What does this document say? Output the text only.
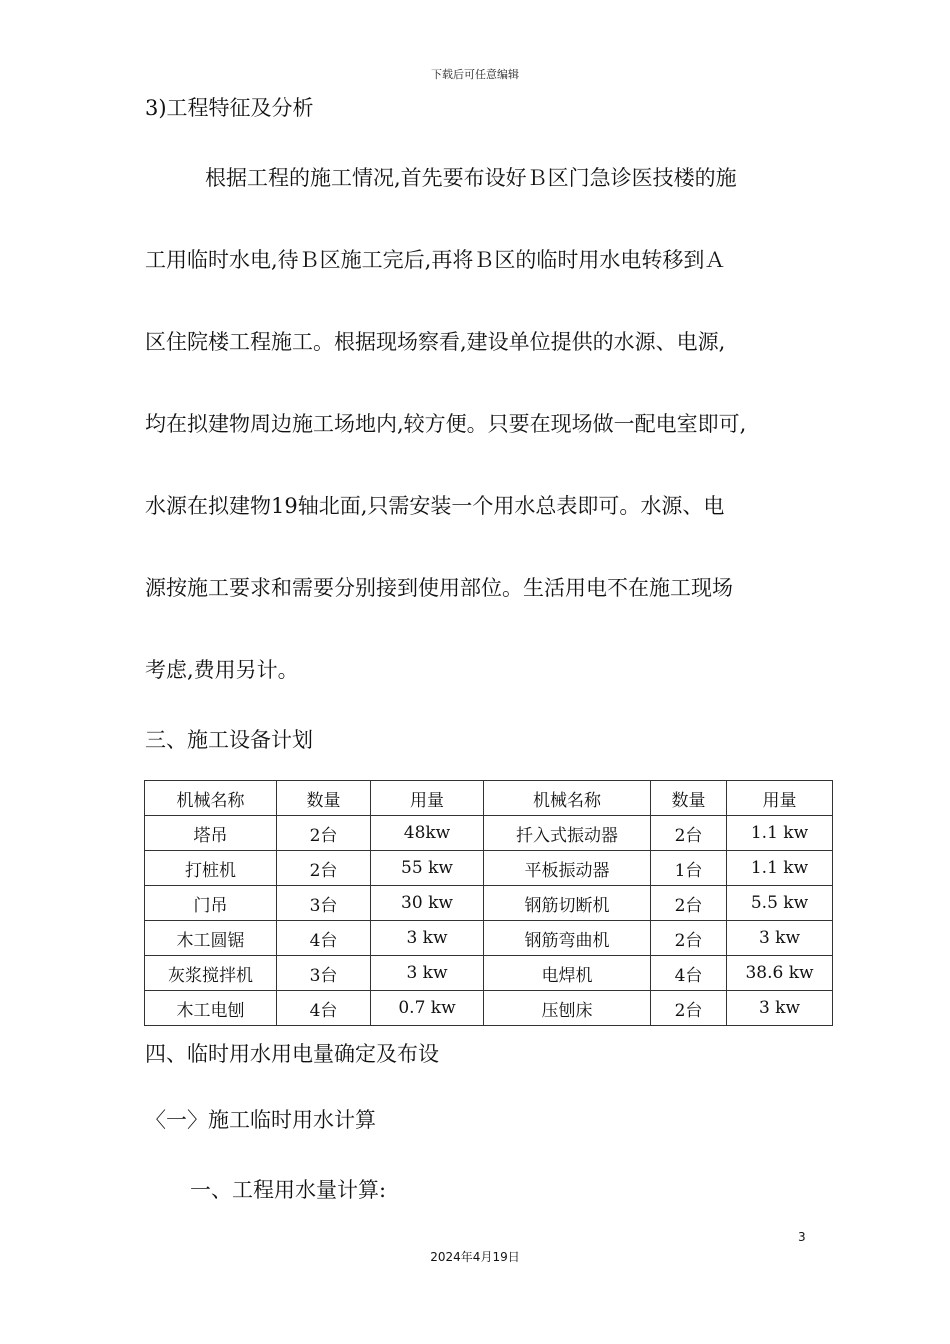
下载后可任意编辑
3)工程特征及分析
根据工程的施工情况,首先要布设好Ｂ区门急诊医技楼的施
工用临时水电,待Ｂ区施工完后,再将Ｂ区的临时用水电转移到Ａ
区住院楼工程施工。根据现场察看,建设单位提供的水源、电源,
均在拟建物周边施工场地内,较方便。只要在现场做一配电室即可,
水源在拟建物19轴北面,只需安装一个用水总表即可。水源、电
源按施工要求和需要分别接到使用部位。生活用电不在施工现场
考虑,费用另计。
三、施工设备计划
机械名称	数量	用量	机械名称	数量	用量
塔吊	2台	48kw	扦入式振动器	2台	1.1 kw
打桩机	2台	55 kw	平板振动器	1台	1.1 kw
门吊	3台	30 kw	钢筋切断机	2台	5.5 kw
木工圆锯	4台	3 kw	钢筋弯曲机	2台	3 kw
灰浆搅拌机	3台	3 kw	电焊机	4台	38.6 kw
木工电刨	4台	0.7 kw	压刨床	2台	3 kw
四、临时用水用电量确定及布设
〈一〉施工临时用水计算
一、工程用水量计算:
3
2024年4月19日
